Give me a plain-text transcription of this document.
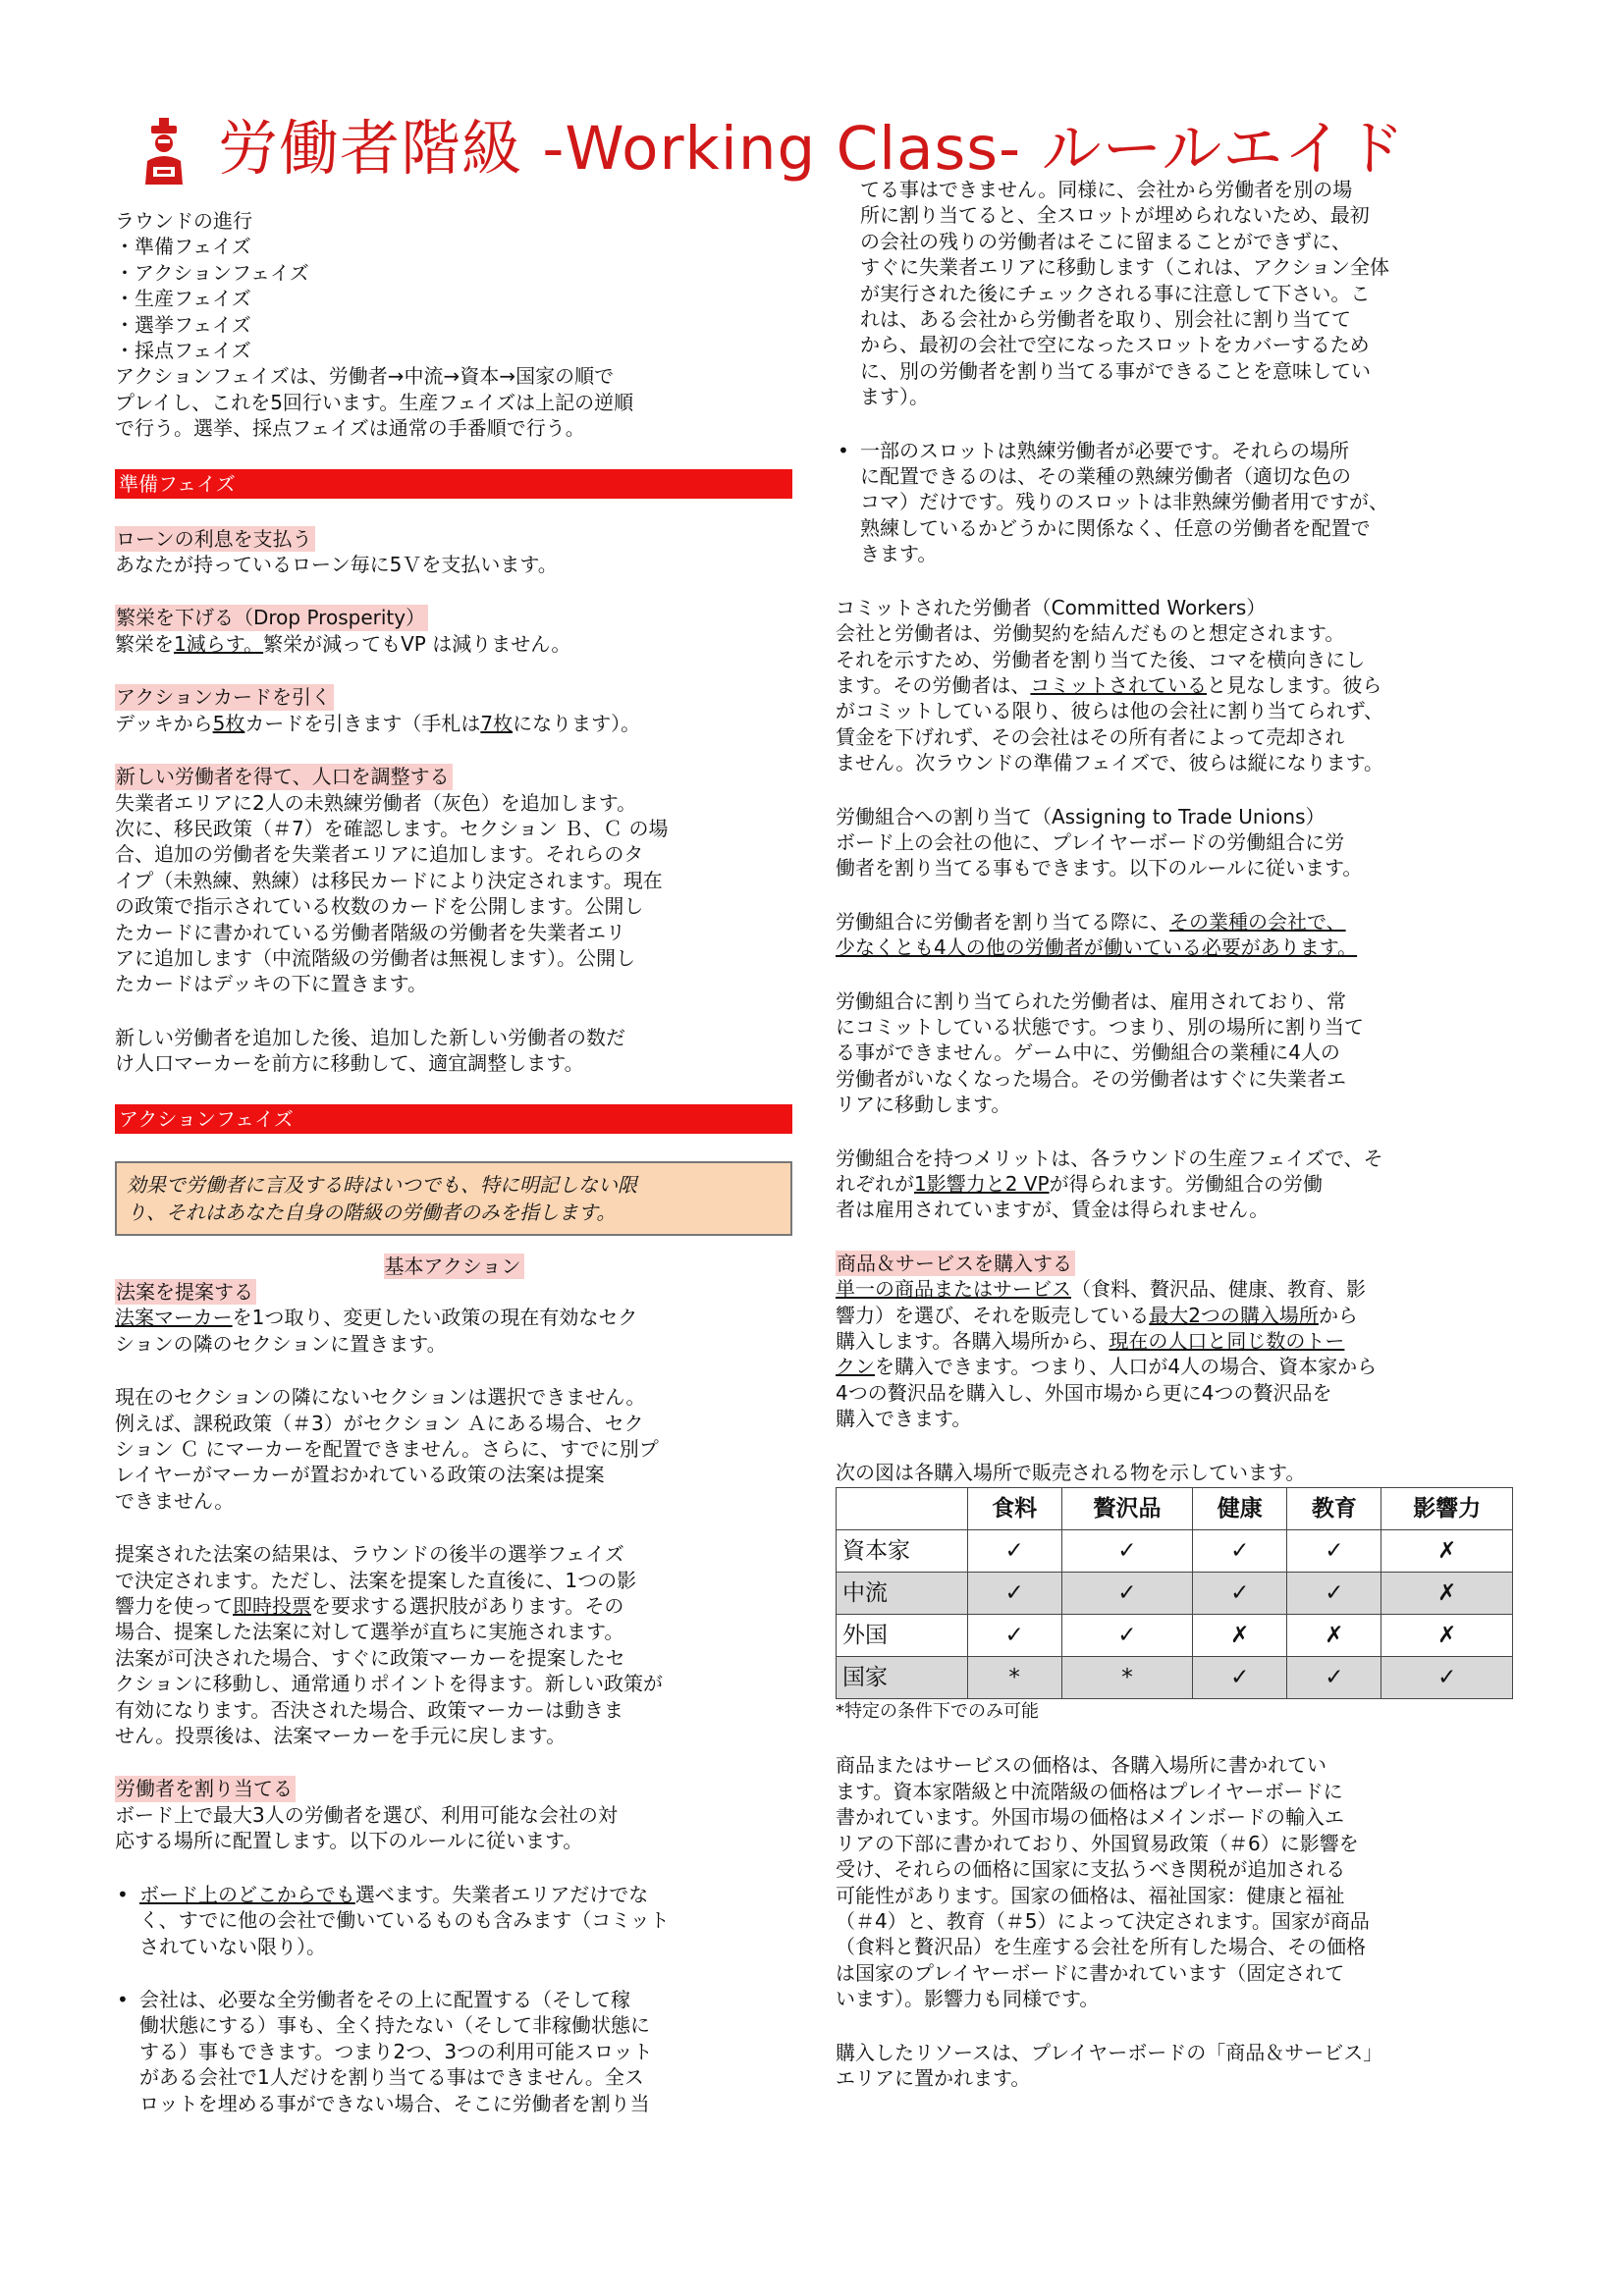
労働者階級 -Working Class- ルールエイド

ラウンドの進行

・準備フェイズ

・アクションフェイズ

・生産フェイズ

・選挙フェイズ

・採点フェイズ

アクションフェイズは、労働者→中流→資本→国家の順で

プレイし、これを5回行います。生産フェイズは上記の逆順

で行う。選挙、採点フェイズは通常の手番順で行う。

準備フェイズ

ローンの利息を支払う

あなたが持っているローン毎に5Ｖを支払います。

繁栄を下げる（Drop Prosperity）

繁栄を1減らす。繁栄が減ってもVP は減りません。

アクションカードを引く

デッキから5枚カードを引きます（手札は7枚になります）。

新しい労働者を得て、人口を調整する

失業者エリアに2人の未熟練労働者（灰色）を追加します。

次に、移民政策（＃7）を確認します。セクション Ｂ、Ｃ の場

合、追加の労働者を失業者エリアに追加します。それらのタ

イプ（未熟練、熟練）は移民カードにより決定されます。現在

の政策で指示されている枚数のカードを公開します。公開し

たカードに書かれている労働者階級の労働者を失業者エリ

アに追加します（中流階級の労働者は無視します）。公開し

たカードはデッキの下に置きます。

新しい労働者を追加した後、追加した新しい労働者の数だ

け人口マーカーを前方に移動して、適宜調整します。

アクションフェイズ
効果で労働者に言及する時はいつでも、特に明記しない限
り、それはあなた自身の階級の労働者のみを指します。

基本アクション

法案を提案する

法案マーカーを1つ取り、変更したい政策の現在有効なセク

ションの隣のセクションに置きます。

現在のセクションの隣にないセクションは選択できません。

例えば、課税政策（＃3）がセクション Ａにある場合、セク

ション Ｃ にマーカーを配置できません。さらに、すでに別プ

レイヤーがマーカーが置おかれている政策の法案は提案

できません。

提案された法案の結果は、ラウンドの後半の選挙フェイズ

で決定されます。ただし、法案を提案した直後に、1つの影

響力を使って即時投票を要求する選択肢があります。その

場合、提案した法案に対して選挙が直ちに実施されます。

法案が可決された場合、すぐに政策マーカーを提案したセ

クションに移動し、通常通りポイントを得ます。新しい政策が

有効になります。否決された場合、政策マーカーは動きま

せん。投票後は、法案マーカーを手元に戻します。

労働者を割り当てる

ボード上で最大3人の労働者を選び、利用可能な会社の対

応する場所に配置します。以下のルールに従います。

• ボード上のどこからでも選べます。失業者エリアだけでな
く、すでに他の会社で働いているものも含みます（コミット
されていない限り）。
• 会社は、必要な全労働者をその上に配置する（そして稼
働状態にする）事も、全く持たない（そして非稼働状態に
する）事もできます。つまり2つ、3つの利用可能スロット
がある会社で1人だけを割り当てる事はできません。全ス
ロットを埋める事ができない場合、そこに労働者を割り当

てる事はできません。同様に、会社から労働者を別の場

所に割り当てると、全スロットが埋められないため、最初

の会社の残りの労働者はそこに留まることができずに、

すぐに失業者エリアに移動します（これは、アクション全体

が実行された後にチェックされる事に注意して下さい。こ

れは、ある会社から労働者を取り、別会社に割り当てて

から、最初の会社で空になったスロットをカバーするため

に、別の労働者を割り当てる事ができることを意味してい

ます）。

• 一部のスロットは熟練労働者が必要です。それらの場所
に配置できるのは、その業種の熟練労働者（適切な色の
コマ）だけです。残りのスロットは非熟練労働者用ですが、
熟練しているかどうかに関係なく、任意の労働者を配置で
きます。

コミットされた労働者（Committed Workers）

会社と労働者は、労働契約を結んだものと想定されます。

それを示すため、労働者を割り当てた後、コマを横向きにし

ます。その労働者は、コミットされていると見なします。彼ら

がコミットしている限り、彼らは他の会社に割り当てられず、

賃金を下げれず、その会社はその所有者によって売却され

ません。次ラウンドの準備フェイズで、彼らは縦になります。

労働組合への割り当て（Assigning to Trade Unions）

ボード上の会社の他に、プレイヤーボードの労働組合に労

働者を割り当てる事もできます。以下のルールに従います。

労働組合に労働者を割り当てる際に、その業種の会社で、

少なくとも4人の他の労働者が働いている必要があります。

労働組合に割り当てられた労働者は、雇用されており、常

にコミットしている状態です。つまり、別の場所に割り当て

る事ができません。ゲーム中に、労働組合の業種に4人の

労働者がいなくなった場合。その労働者はすぐに失業者エ

リアに移動します。

労働組合を持つメリットは、各ラウンドの生産フェイズで、そ

れぞれが1影響力と2 VPが得られます。労働組合の労働

者は雇用されていますが、賃金は得られません。

商品＆サービスを購入する

単一の商品またはサービス（食料、贅沢品、健康、教育、影

響力）を選び、それを販売している最大2つの購入場所から

購入します。各購入場所から、現在の人口と同じ数のトー

クンを購入できます。つまり、人口が4人の場合、資本家から

4つの贅沢品を購入し、外国市場から更に4つの贅沢品を

購入できます。

次の図は各購入場所で販売される物を示しています。

	食料	贅沢品	健康	教育	影響力
資本家	✓	✓	✓	✓	✗
中流	✓	✓	✓	✓	✗
外国	✓	✓	✗	✗	✗
国家	*	*	✓	✓	✓

*特定の条件下でのみ可能

商品またはサービスの価格は、各購入場所に書かれてい

ます。資本家階級と中流階級の価格はプレイヤーボードに

書かれています。外国市場の価格はメインボードの輸入エ

リアの下部に書かれており、外国貿易政策（＃6）に影響を

受け、それらの価格に国家に支払うべき関税が追加される

可能性があります。国家の価格は、福祉国家：健康と福祉

（＃4）と、教育（＃5）によって決定されます。国家が商品

（食料と贅沢品）を生産する会社を所有した場合、その価格

は国家のプレイヤーボードに書かれています（固定されて

います）。影響力も同様です。

購入したリソースは、プレイヤーボードの「商品＆サービス」

エリアに置かれます。
